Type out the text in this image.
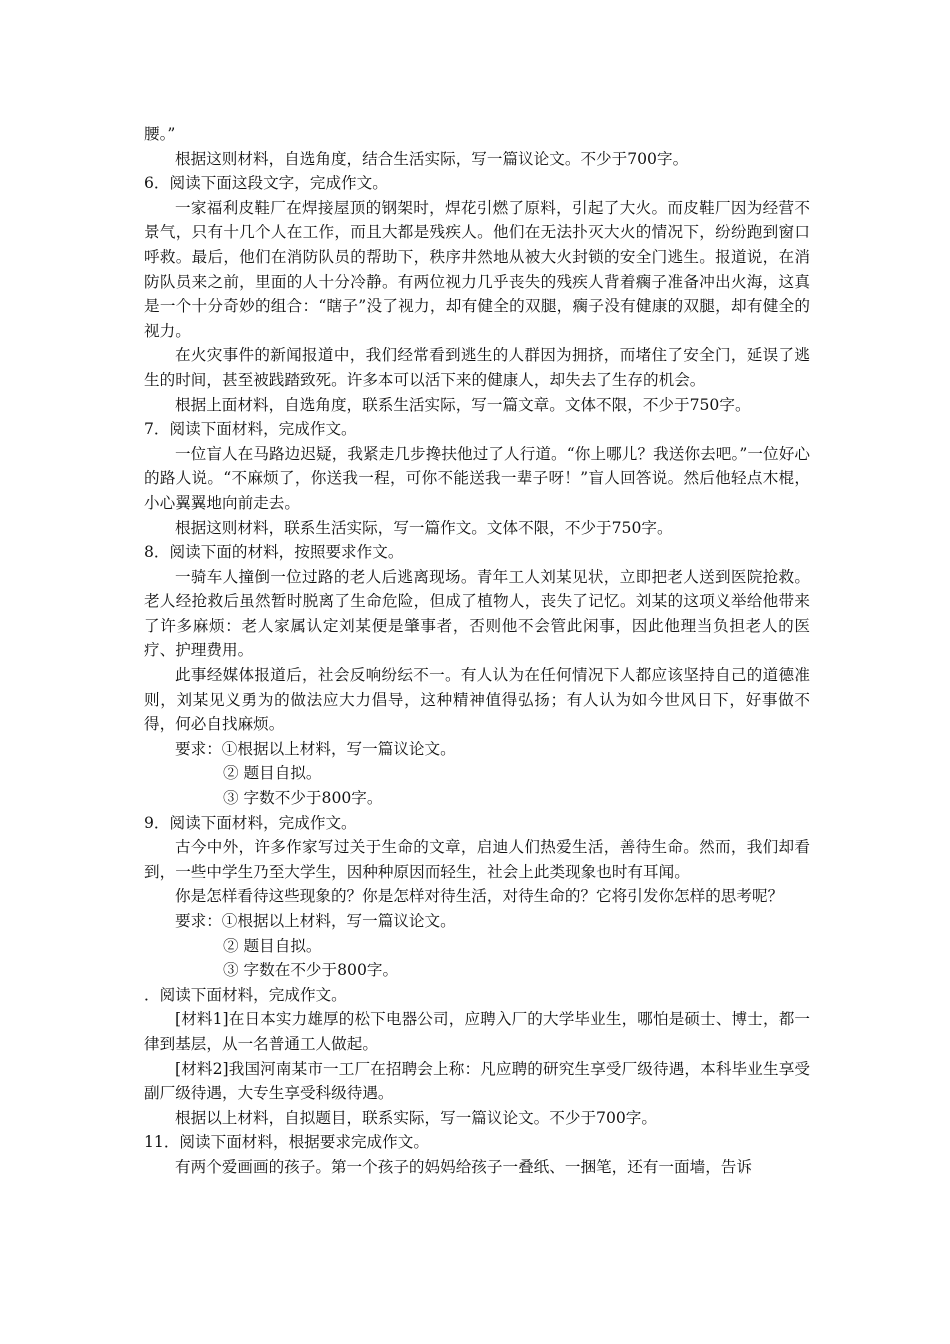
腰。”

根据这则材料，自选角度，结合生活实际，写一篇议论文。不少于700字。

6．阅读下面这段文字，完成作文。

一家福利皮鞋厂在焊接屋顶的钢架时，焊花引燃了原料，引起了大火。而皮鞋厂因为经营不景气，只有十几个人在工作，而且大都是残疾人。他们在无法扑灭大火的情况下，纷纷跑到窗口呼救。最后，他们在消防队员的帮助下，秩序井然地从被大火封锁的安全门逃生。报道说，在消防队员来之前，里面的人十分冷静。有两位视力几乎丧失的残疾人背着瘸子准备冲出火海，这真是一个十分奇妙的组合：“瞎子”没了视力，却有健全的双腿，瘸子没有健康的双腿，却有健全的视力。

在火灾事件的新闻报道中，我们经常看到逃生的人群因为拥挤，而堵住了安全门，延误了逃生的时间，甚至被践踏致死。许多本可以活下来的健康人，却失去了生存的机会。

根据上面材料，自选角度，联系生活实际，写一篇文章。文体不限，不少于750字。

7．阅读下面材料，完成作文。

一位盲人在马路边迟疑，我紧走几步搀扶他过了人行道。“你上哪儿？我送你去吧。”一位好心的路人说。“不麻烦了，你送我一程，可你不能送我一辈子呀！”盲人回答说。然后他轻点木棍，小心翼翼地向前走去。

根据这则材料，联系生活实际，写一篇作文。文体不限，不少于750字。

8．阅读下面的材料，按照要求作文。

一骑车人撞倒一位过路的老人后逃离现场。青年工人刘某见状，立即把老人送到医院抢救。老人经抢救后虽然暂时脱离了生命危险，但成了植物人，丧失了记忆。刘某的这项义举给他带来了许多麻烦：老人家属认定刘某便是肇事者，否则他不会管此闲事，因此他理当负担老人的医疗、护理费用。

此事经媒体报道后，社会反响纷纭不一。有人认为在任何情况下人都应该坚持自己的道德准则，刘某见义勇为的做法应大力倡导，这种精神值得弘扬；有人认为如今世风日下，好事做不得，何必自找麻烦。

要求：①根据以上材料，写一篇议论文。

② 题目自拟。

③ 字数不少于800字。

9．阅读下面材料，完成作文。

古今中外，许多作家写过关于生命的文章，启迪人们热爱生活，善待生命。然而，我们却看到，一些中学生乃至大学生，因种种原因而轻生，社会上此类现象也时有耳闻。

你是怎样看待这些现象的？你是怎样对待生活，对待生命的？它将引发你怎样的思考呢？

要求：①根据以上材料，写一篇议论文。

② 题目自拟。

③ 字数在不少于800字。

．阅读下面材料，完成作文。

[材料1]在日本实力雄厚的松下电器公司，应聘入厂的大学毕业生，哪怕是硕士、博士，都一律到基层，从一名普通工人做起。

[材料2]我国河南某市一工厂在招聘会上称：凡应聘的研究生享受厂级待遇，本科毕业生享受副厂级待遇，大专生享受科级待遇。

根据以上材料，自拟题目，联系实际，写一篇议论文。不少于700字。

11．阅读下面材料，根据要求完成作文。

有两个爱画画的孩子。第一个孩子的妈妈给孩子一叠纸、一捆笔，还有一面墙，告诉
